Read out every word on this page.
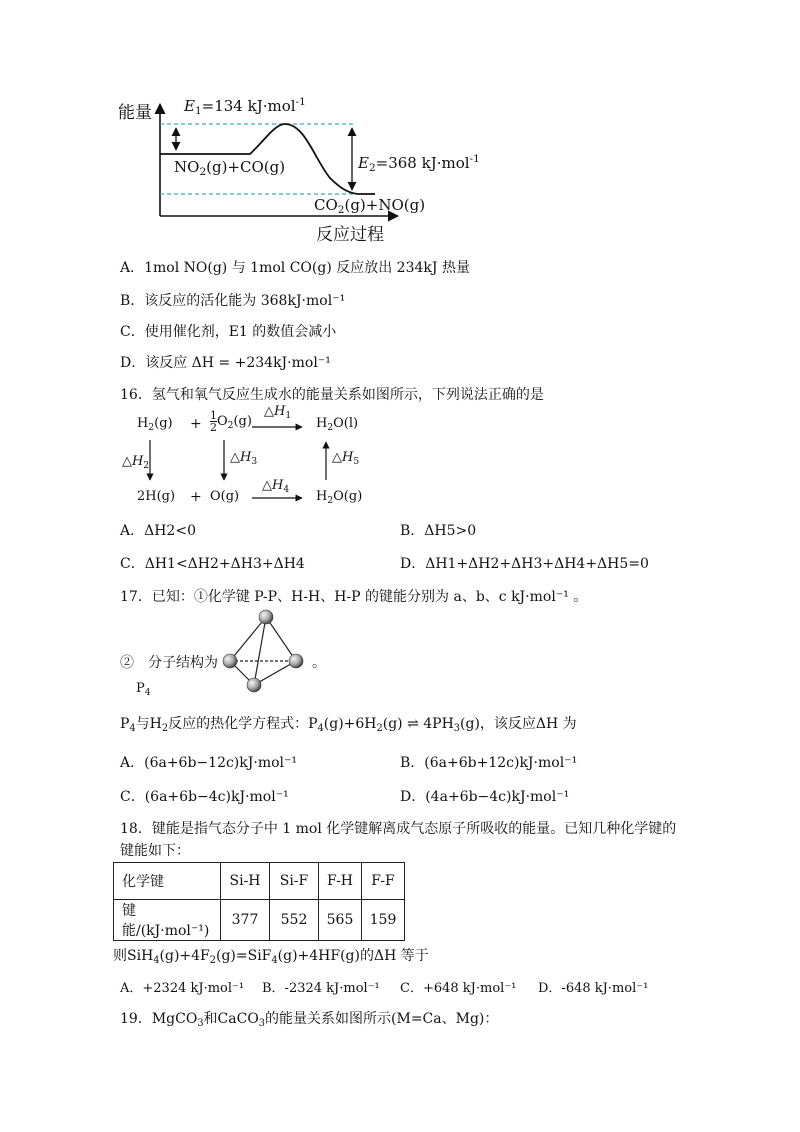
能量 $E_1=134$ kJ·mol$^{-1}$
$NO_2(g)+CO(g)$	$E_2=368$ kJ·mol$^{-1}$
$CO_2(g)+NO(g)$
反应过程
A．1mol NO(g) 与 1mol CO(g) 反应放出 234kJ 热量
B．该反应的活化能为 368kJ·mol⁻¹
C．使用催化剂，E1 的数值会减小
D．该反应 ΔH = +234kJ·mol⁻¹
16．氢气和氧气反应生成水的能量关系如图所示，下列说法正确的是
$H_2(g)$ +
1

2 $O_2(g)$
$\triangle H_1$ $H_2O(l)$
$\triangle H_2$
$\triangle H_3$	$\triangle H_5$
2H(g) + O(g)
$\triangle H_4$ $H_2O(g)$
A．ΔH2<0	B．ΔH5>0
C．ΔH1<ΔH2+ΔH3+ΔH4	D．ΔH1+ΔH2+ΔH3+ΔH4+ΔH5=0
17．已知：①化学键 P-P、H-H、H-P 的键能分别为 a、b、c kJ·mol⁻¹ 。
②　分子结构为	。
$P_4$
$P_4$与$H_2$反应的热化学方程式：$P_4(g)+6H_2(g)$ ⇌ $4PH_3(g)$，该反应ΔH 为
A．(6a+6b−12c)kJ·mol⁻¹	B．(6a+6b+12c)kJ·mol⁻¹
C．(6a+6b−4c)kJ·mol⁻¹	D．(4a+6b−4c)kJ·mol⁻¹
18．键能是指气态分子中 1 mol 化学键解离成气态原子所吸收的能量。已知几种化学键的
键能如下：
化学键	Si-H	Si-F	F-H	F-F
键能/(kJ·mol⁻¹)	377	552	565	159
则$SiH_4(g)+4F_2(g)=SiF_4(g)+4HF(g)$的ΔH 等于
A．+2324 kJ·mol⁻¹ B．-2324 kJ·mol⁻¹ C．+648 kJ·mol⁻¹ D．-648 kJ·mol⁻¹
19．MgCO$_3$和CaCO$_3$的能量关系如图所示(M=Ca、Mg)：
